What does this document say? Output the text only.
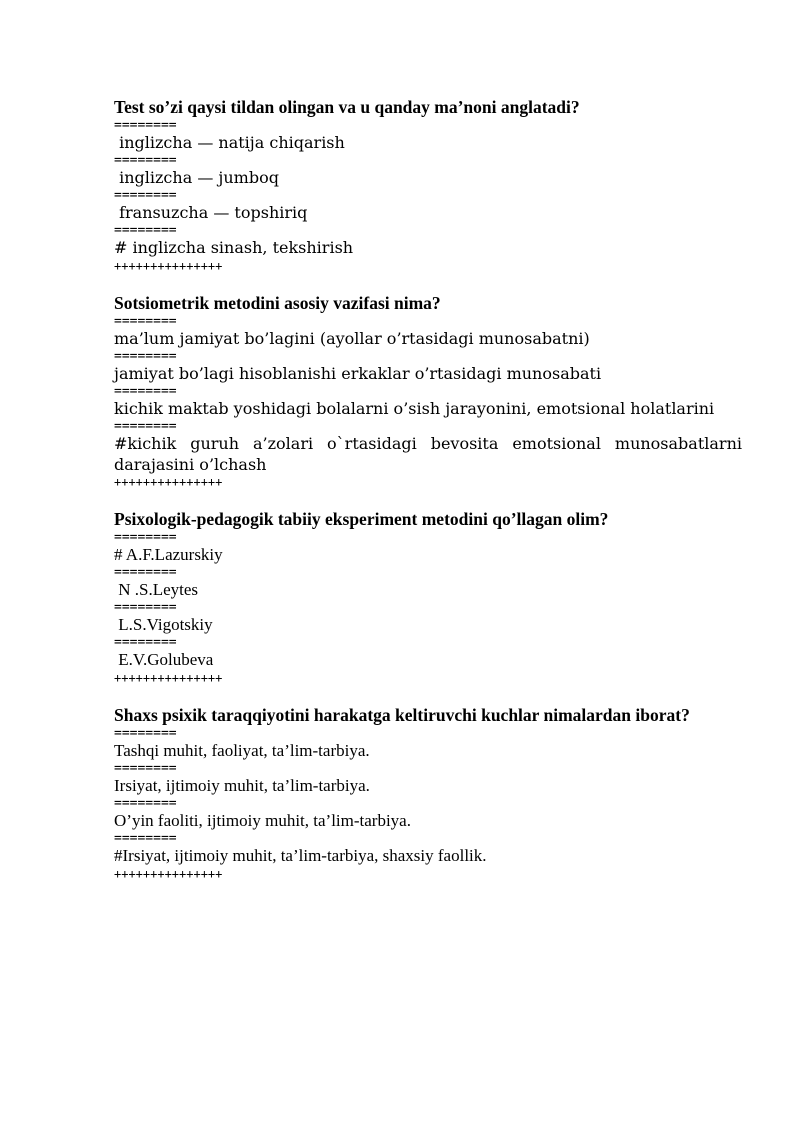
Test so’zi qaysi tildan olingan va u qanday ma’noni anglatadi?

========

inglizcha — natija chiqarish

========

inglizcha — jumboq

========

fransuzcha — topshiriq

========

# inglizcha sinash, tekshirish

+++++++++++++++

Sotsiometrik metodini asosiy vazifasi nima?

========

ma’lum jamiyat bo’lagini (ayollar o’rtasidagi munosabatni)

========

jamiyat bo’lagi hisoblanishi erkaklar o’rtasidagi munosabati

========

kichik maktab yoshidagi bolalarni o’sish jarayonini, emotsional holatlarini

========

#kichik guruh a’zolari o`rtasidagi bevosita emotsional munosabatlarni darajasini o’lchash

+++++++++++++++

Psixologik-pedagogik tabiiy eksperiment metodini qo’llagan olim?

========

# A.F.Lazurskiy

========

N .S.Leytes

========

L.S.Vigotskiy

========

E.V.Golubeva

+++++++++++++++

Shaxs psixik taraqqiyotini harakatga keltiruvchi kuchlar nimalardan iborat?

========

Tashqi muhit, faoliyat, ta’lim-tarbiya.

========

Irsiyat, ijtimoiy muhit, ta’lim-tarbiya.

========

O’yin faoliti, ijtimoiy muhit, ta’lim-tarbiya.

========

#Irsiyat, ijtimoiy muhit, ta’lim-tarbiya, shaxsiy faollik.

+++++++++++++++
